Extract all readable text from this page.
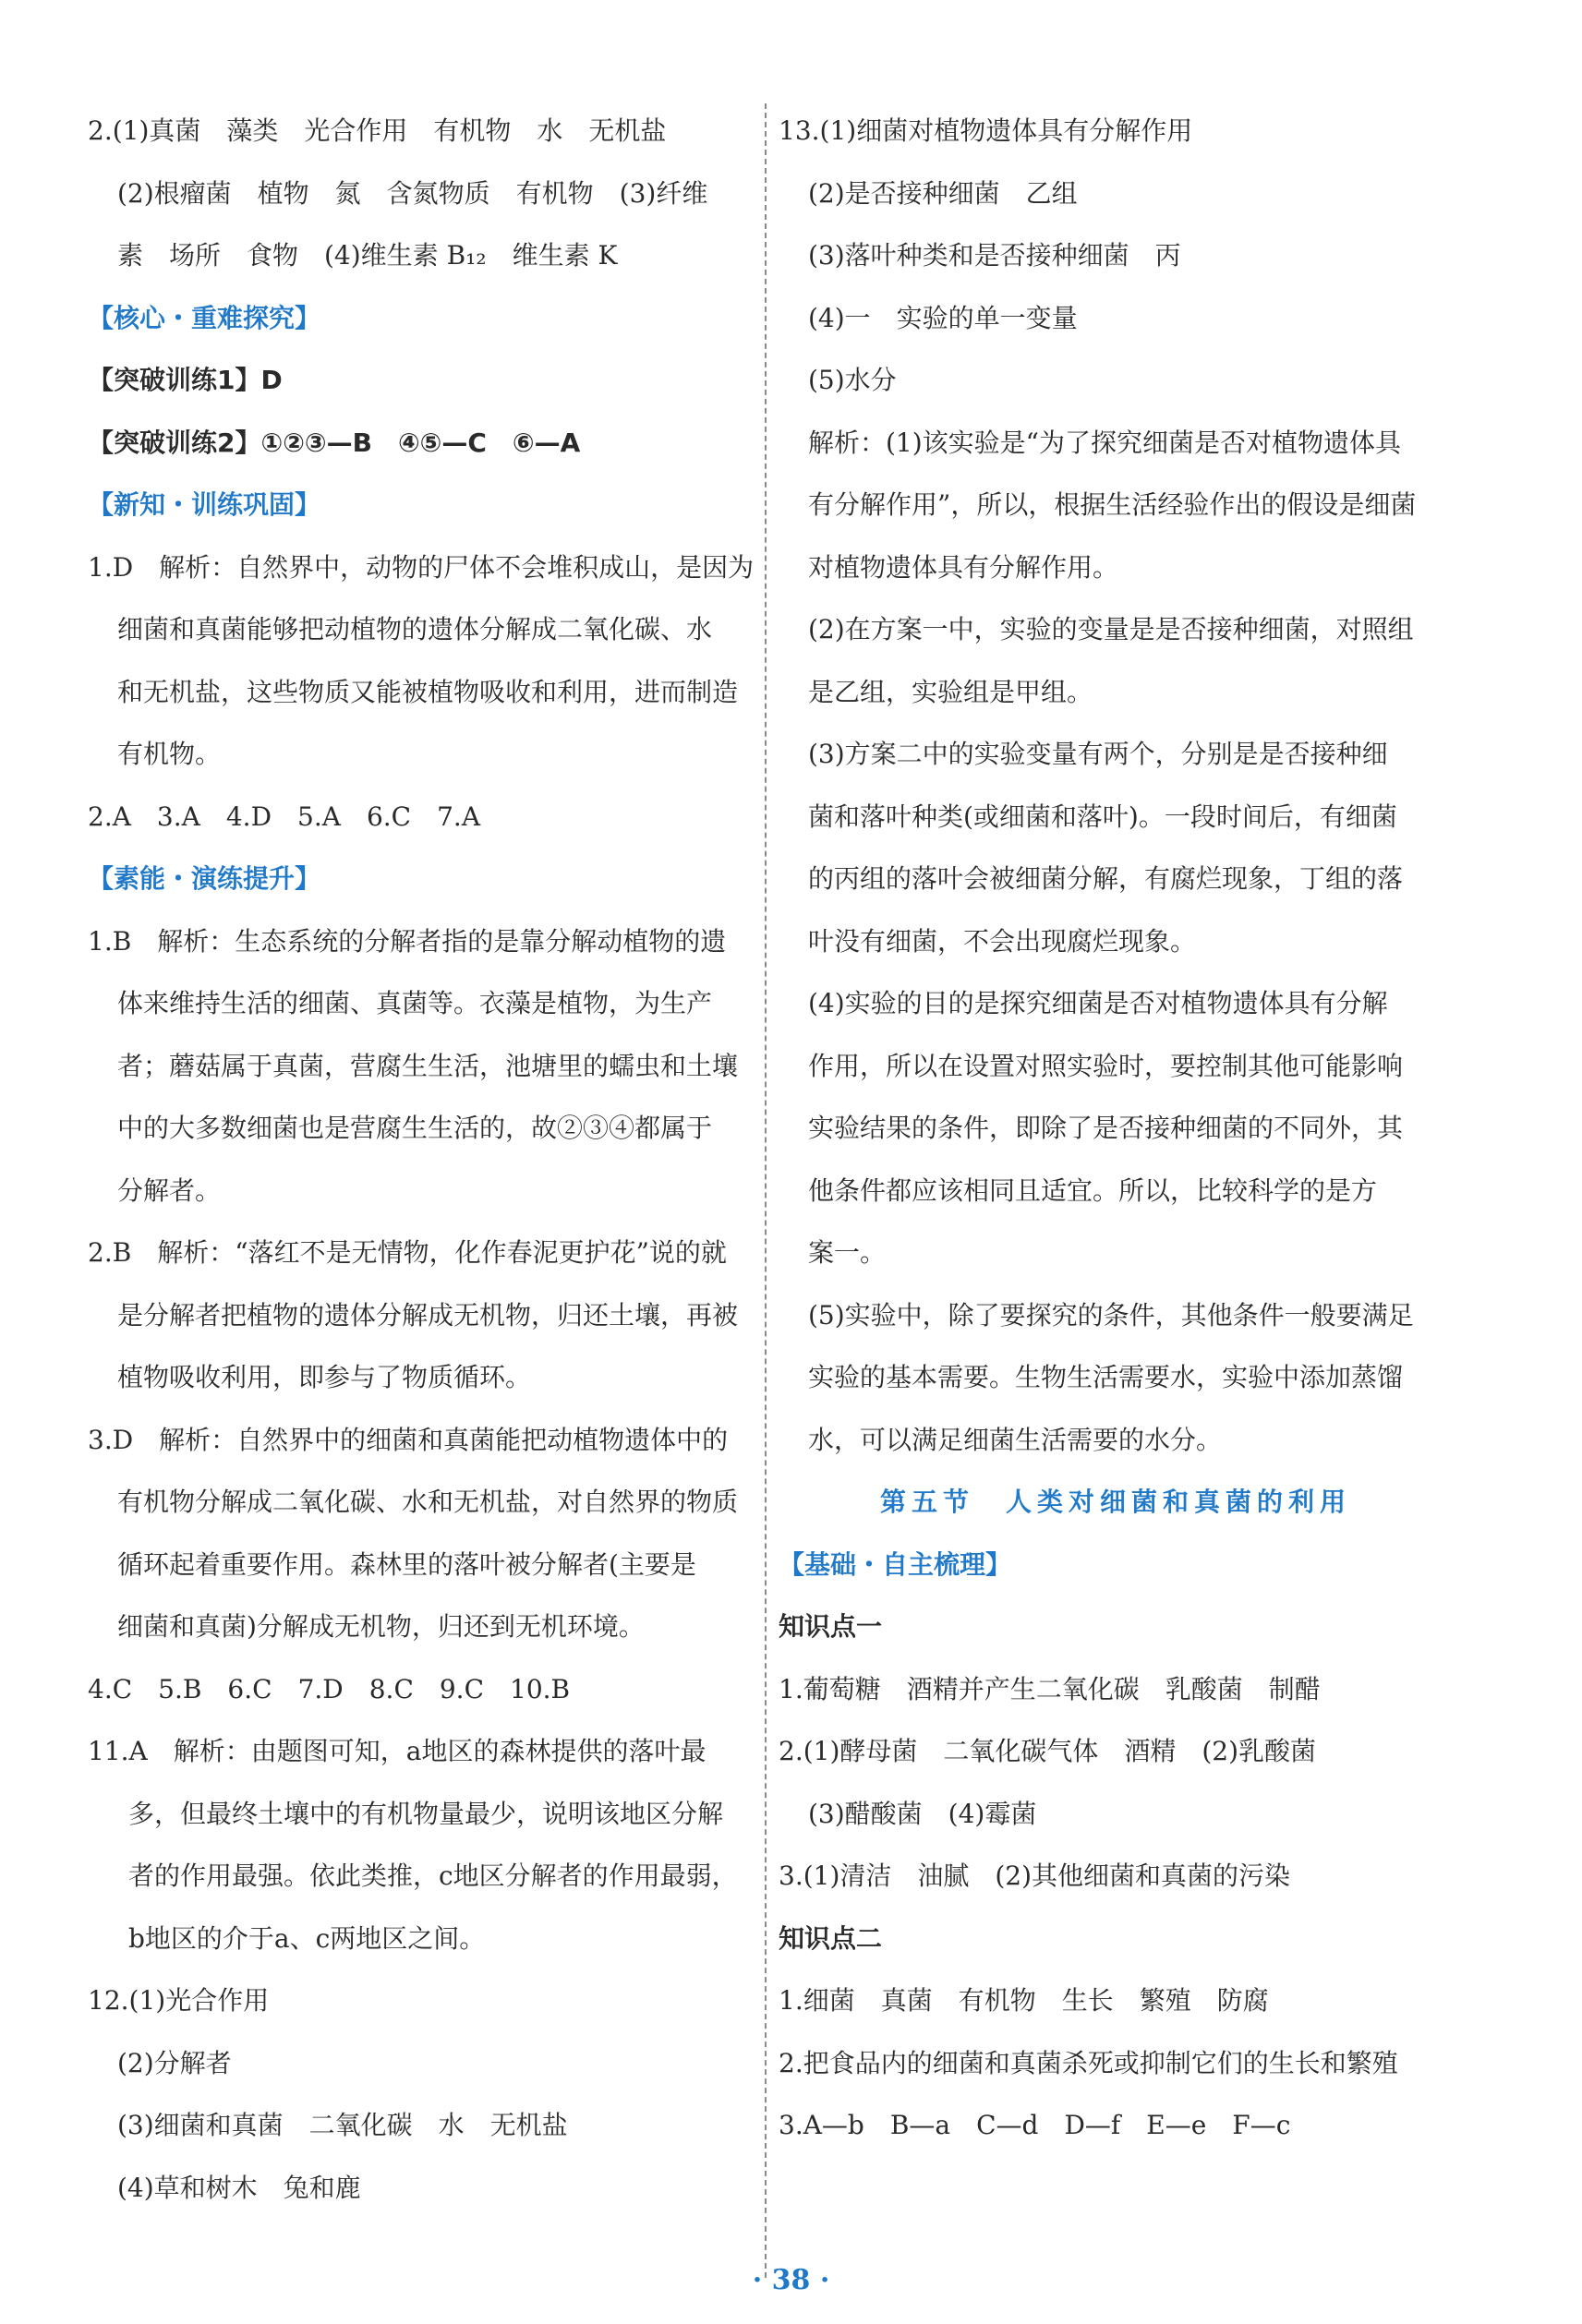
2.(1)真菌　藻类　光合作用　有机物　水　无机盐
(2)根瘤菌　植物　氮　含氮物质　有机物　(3)纤维
素　场所　食物　(4)维生素 B₁₂　维生素 K
【核心・重难探究】
【突破训练1】D
【突破训练2】①②③—B　④⑤—C　⑥—A
【新知・训练巩固】
1.D　解析：自然界中，动物的尸体不会堆积成山，是因为
细菌和真菌能够把动植物的遗体分解成二氧化碳、水
和无机盐，这些物质又能被植物吸收和利用，进而制造
有机物。
2.A　3.A　4.D　5.A　6.C　7.A
【素能・演练提升】
1.B　解析：生态系统的分解者指的是靠分解动植物的遗
体来维持生活的细菌、真菌等。衣藻是植物，为生产
者；蘑菇属于真菌，营腐生生活，池塘里的蠕虫和土壤
中的大多数细菌也是营腐生生活的，故②③④都属于
分解者。
2.B　解析：“落红不是无情物，化作春泥更护花”说的就
是分解者把植物的遗体分解成无机物，归还土壤，再被
植物吸收利用，即参与了物质循环。
3.D　解析：自然界中的细菌和真菌能把动植物遗体中的
有机物分解成二氧化碳、水和无机盐，对自然界的物质
循环起着重要作用。森林里的落叶被分解者(主要是
细菌和真菌)分解成无机物，归还到无机环境。
4.C　5.B　6.C　7.D　8.C　9.C　10.B
11.A　解析：由题图可知，a地区的森林提供的落叶最
多，但最终土壤中的有机物量最少，说明该地区分解
者的作用最强。依此类推，c地区分解者的作用最弱，
b地区的介于a、c两地区之间。
12.(1)光合作用
(2)分解者
(3)细菌和真菌　二氧化碳　水　无机盐
(4)草和树木　兔和鹿
13.(1)细菌对植物遗体具有分解作用
(2)是否接种细菌　乙组
(3)落叶种类和是否接种细菌　丙
(4)一　实验的单一变量
(5)水分
解析：(1)该实验是“为了探究细菌是否对植物遗体具
有分解作用”，所以，根据生活经验作出的假设是细菌
对植物遗体具有分解作用。
(2)在方案一中，实验的变量是是否接种细菌，对照组
是乙组，实验组是甲组。
(3)方案二中的实验变量有两个，分别是是否接种细
菌和落叶种类(或细菌和落叶)。一段时间后，有细菌
的丙组的落叶会被细菌分解，有腐烂现象，丁组的落
叶没有细菌，不会出现腐烂现象。
(4)实验的目的是探究细菌是否对植物遗体具有分解
作用，所以在设置对照实验时，要控制其他可能影响
实验结果的条件，即除了是否接种细菌的不同外，其
他条件都应该相同且适宜。所以，比较科学的是方
案一。
(5)实验中，除了要探究的条件，其他条件一般要满足
实验的基本需要。生物生活需要水，实验中添加蒸馏
水，可以满足细菌生活需要的水分。
第五节　人类对细菌和真菌的利用
【基础・自主梳理】
知识点一
1.葡萄糖　酒精并产生二氧化碳　乳酸菌　制醋
2.(1)酵母菌　二氧化碳气体　酒精　(2)乳酸菌
(3)醋酸菌　(4)霉菌
3.(1)清洁　油腻　(2)其他细菌和真菌的污染
知识点二
1.细菌　真菌　有机物　生长　繁殖　防腐
2.把食品内的细菌和真菌杀死或抑制它们的生长和繁殖
3.A—b　B—a　C—d　D—f　E—e　F—c
· 38 ·
